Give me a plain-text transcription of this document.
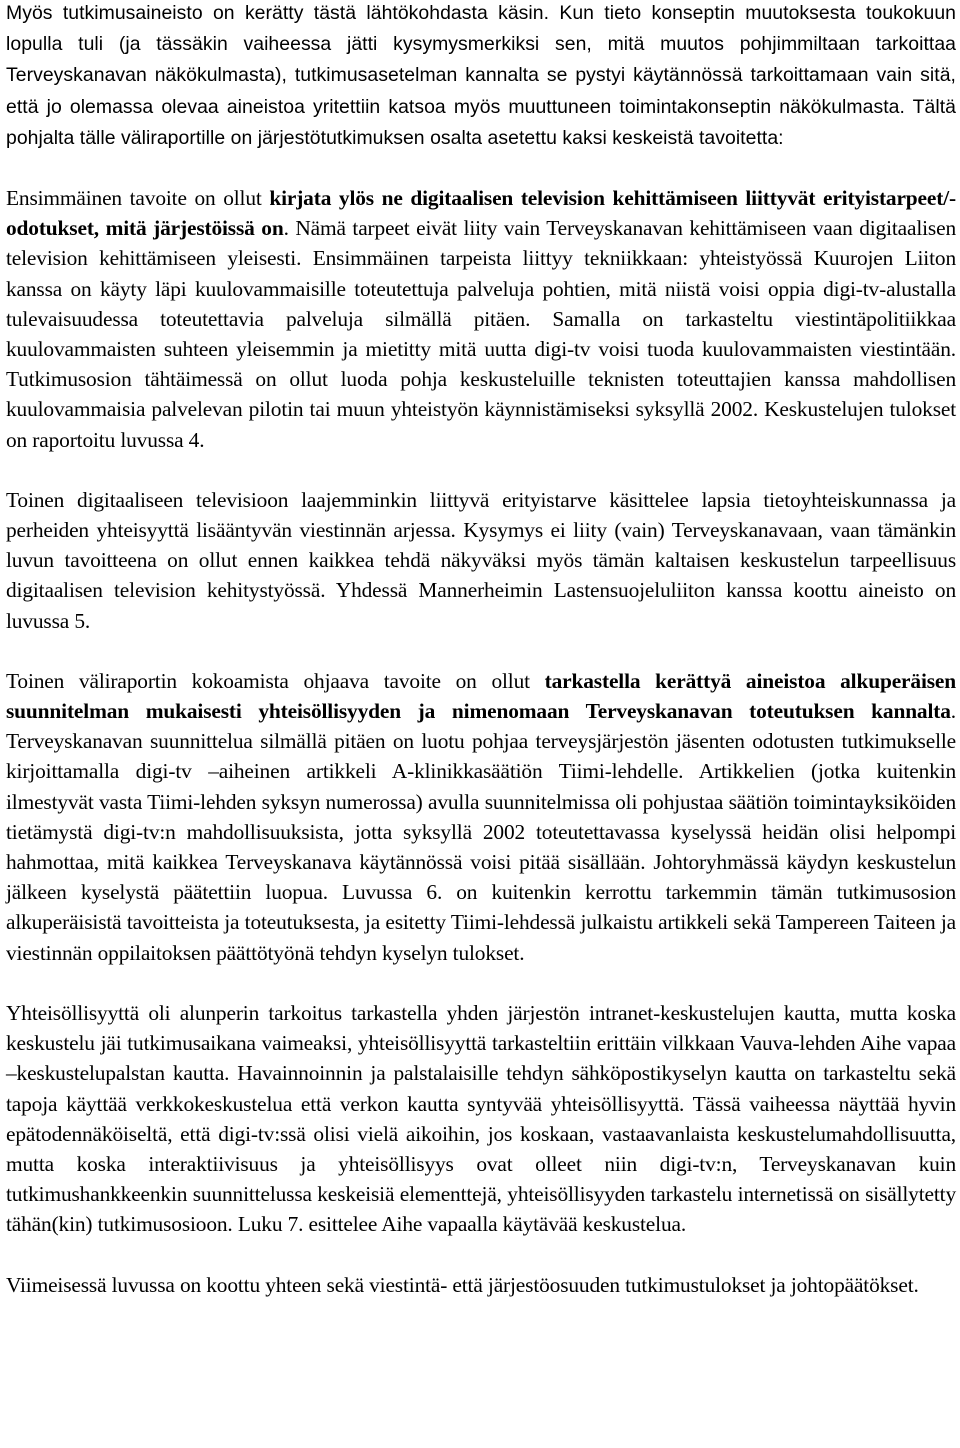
Myös tutkimusaineisto on kerätty tästä lähtökohdasta käsin. Kun tieto konseptin muutoksesta toukokuun lopulla tuli (ja tässäkin vaiheessa jätti kysymysmerkiksi sen, mitä muutos pohjimmiltaan tarkoittaa Terveyskanavan näkökulmasta), tutkimusasetelman kannalta se pystyi käytännössä tarkoittamaan vain sitä, että jo olemassa olevaa aineistoa yritettiin katsoa myös muuttuneen toimintakonseptin näkökulmasta. Tältä pohjalta tälle väliraportille on järjestötutkimuksen osalta asetettu kaksi keskeistä tavoitetta:

Ensimmäinen tavoite on ollut kirjata ylös ne digitaalisen television kehittämiseen liittyvät erityistarpeet/-odotukset, mitä järjestöissä on. Nämä tarpeet eivät liity vain Terveyskanavan kehittämiseen vaan digitaalisen television kehittämiseen yleisesti. Ensimmäinen tarpeista liittyy tekniikkaan: yhteistyössä Kuurojen Liiton kanssa on käyty läpi kuulovammaisille toteutettuja palveluja pohtien, mitä niistä voisi oppia digi-tv-alustalla tulevaisuudessa toteutettavia palveluja silmällä pitäen. Samalla on tarkasteltu viestintäpolitiikkaa kuulovammaisten suhteen yleisemmin ja mietitty mitä uutta digi-tv voisi tuoda kuulovammaisten viestintään. Tutkimusosion tähtäimessä on ollut luoda pohja keskusteluille teknisten toteuttajien kanssa mahdollisen kuulovammaisia palvelevan pilotin tai muun yhteistyön käynnistämiseksi syksyllä 2002. Keskustelujen tulokset on raportoitu luvussa 4.

Toinen digitaaliseen televisioon laajemminkin liittyvä erityistarve käsittelee lapsia tietoyhteiskunnassa ja perheiden yhteisyyttä lisääntyvän viestinnän arjessa. Kysymys ei liity (vain) Terveyskanavaan, vaan tämänkin luvun tavoitteena on ollut ennen kaikkea tehdä näkyväksi myös tämän kaltaisen keskustelun tarpeellisuus digitaalisen television kehitystyössä. Yhdessä Mannerheimin Lastensuojeluliiton kanssa koottu aineisto on luvussa 5.

Toinen väliraportin kokoamista ohjaava tavoite on ollut tarkastella kerättyä aineistoa alkuperäisen suunnitelman mukaisesti yhteisöllisyyden ja nimenomaan Terveyskanavan toteutuksen kannalta. Terveyskanavan suunnittelua silmällä pitäen on luotu pohjaa terveysjärjestön jäsenten odotusten tutkimukselle kirjoittamalla digi-tv –aiheinen artikkeli A-klinikkasäätiön Tiimi-lehdelle. Artikkelien (jotka kuitenkin ilmestyvät vasta Tiimi-lehden syksyn numerossa) avulla suunnitelmissa oli pohjustaa säätiön toimintayksiköiden tietämystä digi-tv:n mahdollisuuksista, jotta syksyllä 2002 toteutettavassa kyselyssä heidän olisi helpompi hahmottaa, mitä kaikkea Terveyskanava käytännössä voisi pitää sisällään. Johtoryhmässä käydyn keskustelun jälkeen kyselystä päätettiin luopua. Luvussa 6. on kuitenkin kerrottu tarkemmin tämän tutkimusosion alkuperäisistä tavoitteista ja toteutuksesta, ja esitetty Tiimi-lehdessä julkaistu artikkeli sekä Tampereen Taiteen ja viestinnän oppilaitoksen päättötyönä tehdyn kyselyn tulokset.

Yhteisöllisyyttä oli alunperin tarkoitus tarkastella yhden järjestön intranet-keskustelujen kautta, mutta koska keskustelu jäi tutkimusaikana vaimeaksi, yhteisöllisyyttä tarkasteltiin erittäin vilkkaan Vauva-lehden Aihe vapaa –keskustelupalstan kautta. Havainnoinnin ja palstalaisille tehdyn sähköpostikyselyn kautta on tarkasteltu sekä tapoja käyttää verkkokeskustelua että verkon kautta syntyvää yhteisöllisyyttä. Tässä vaiheessa näyttää hyvin epätodennäköiseltä, että digi-tv:ssä olisi vielä aikoihin, jos koskaan, vastaavanlaista keskustelumahdollisuutta, mutta koska interaktiivisuus ja yhteisöllisyys ovat olleet niin digi-tv:n, Terveyskanavan kuin tutkimushankkeenkin suunnittelussa keskeisiä elementtejä, yhteisöllisyyden tarkastelu internetissä on sisällytetty tähän(kin) tutkimusosioon. Luku 7. esittelee Aihe vapaalla käytävää keskustelua.

Viimeisessä luvussa on koottu yhteen sekä viestintä- että järjestöosuuden tutkimustulokset ja johtopäätökset.
